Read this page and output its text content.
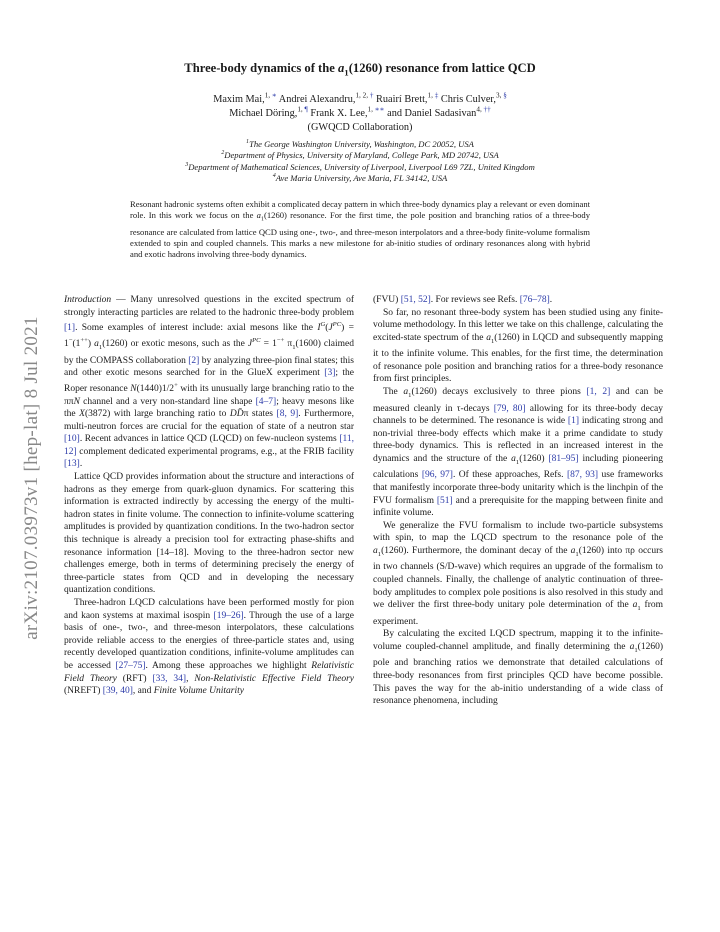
arXiv:2107.03973v1 [hep-lat] 8 Jul 2021
Three-body dynamics of the $a_1(1260)$ resonance from lattice QCD
Maxim Mai,$^{1, ∗}$ Andrei Alexandru,$^{1, 2, \dagger}$ Ruairí Brett,$^{1, \ddagger}$ Chris Culver,$^{3, \S}$
Michael Döring,$^{1, \P}$ Frank X. Lee,$^{1, ∗∗}$ and Daniel Sadasivan$^{4, \dagger\dagger}$
(GWQCD Collaboration)
$^1$The George Washington University, Washington, DC 20052, USA
$^2$Department of Physics, University of Maryland, College Park, MD 20742, USA
$^3$Department of Mathematical Sciences, University of Liverpool, Liverpool L69 7ZL, United Kingdom
$^4$Ave Maria University, Ave Maria, FL 34142, USA
Resonant hadronic systems often exhibit a complicated decay pattern in which three-body dynamics play a relevant or even dominant role. In this work we focus on the $a_1(1260)$ resonance. For the first time, the pole position and branching ratios of a three-body resonance are calculated from lattice QCD using one-, two-, and three-meson interpolators and a three-body finite-volume formalism extended to spin and coupled channels. This marks a new milestone for ab-initio studies of ordinary resonances along with hybrid and exotic hadrons involving three-body dynamics.

Introduction — Many unresolved questions in the excited spectrum of strongly interacting particles are related to the hadronic three-body problem [1]. Some examples of interest include: axial mesons like the $I^G(J^{PC}) = 1^-(1^{++})$ $a_1(1260)$ or exotic mesons, such as the $J^{PC} = 1^{-+}$ $\pi_1(1600)$ claimed by the COMPASS collaboration [2] by analyzing three-pion final states; this and other exotic mesons searched for in the GlueX experiment [3]; the Roper resonance N(1440)1/2+ with its unusually large branching ratio to the ππN channel and a very non-standard line shape [4–7]; heavy mesons like the X(3872) with large branching ratio to DD̄π states [8, 9]. Furthermore, multi-neutron forces are crucial for the equation of state of a neutron star [10]. Recent advances in lattice QCD (LQCD) on few-nucleon systems [11, 12] complement dedicated experimental programs, e.g., at the FRIB facility [13].

Lattice QCD provides information about the structure and interactions of hadrons as they emerge from quark-gluon dynamics. For scattering this information is extracted indirectly by accessing the energy of the multi-hadron states in finite volume. The connection to infinite-volume scattering amplitudes is provided by quantization conditions. In the two-hadron sector this technique is already a precision tool for extracting phase-shifts and resonance information [14–18]. Moving to the three-hadron sector new challenges emerge, both in terms of determining precisely the energy of three-particle states from QCD and in developing the necessary quantization conditions.

Three-hadron LQCD calculations have been performed mostly for pion and kaon systems at maximal isospin [19–26]. Through the use of a large basis of one-, two-, and three-meson interpolators, these calculations provide reliable access to the energies of three-particle states and, using recently developed quantization conditions, infinite-volume amplitudes can be accessed [27–75]. Among these approaches we highlight Relativistic Field Theory (RFT) [33, 34], Non-Relativistic Effective Field Theory (NREFT) [39, 40], and Finite Volume Unitarity

(FVU) [51, 52]. For reviews see Refs. [76–78].

So far, no resonant three-body system has been studied using any finite-volume methodology. In this letter we take on this challenge, calculating the excited-state spectrum of the $a_1(1260)$ in LQCD and subsequently mapping it to the infinite volume. This enables, for the first time, the determination of resonance pole position and branching ratios for a three-body resonance from first principles.

The $a_1(1260)$ decays exclusively to three pions [1, 2] and can be measured cleanly in τ-decays [79, 80] allowing for its three-body decay channels to be determined. The resonance is wide [1] indicating strong and non-trivial three-body effects which make it a prime candidate to study three-body dynamics. This is reflected in an increased interest in the dynamics and the structure of the $a_1(1260)$ [81–95] including pioneering calculations [96, 97]. Of these approaches, Refs. [87, 93] use frameworks that manifestly incorporate three-body unitarity which is the linchpin of the FVU formalism [51] and a prerequisite for the mapping between finite and infinite volume.

We generalize the FVU formalism to include two-particle subsystems with spin, to map the LQCD spectrum to the resonance pole of the $a_1(1260)$. Furthermore, the dominant decay of the $a_1(1260)$ into πρ occurs in two channels (S/D-wave) which requires an upgrade of the formalism to coupled channels. Finally, the challenge of analytic continuation of three-body amplitudes to complex pole positions is also resolved in this study and we deliver the first three-body unitary pole determination of the $a_1$ from experiment.

By calculating the excited LQCD spectrum, mapping it to the infinite-volume coupled-channel amplitude, and finally determining the $a_1(1260)$ pole and branching ratios we demonstrate that detailed calculations of three-body resonances from first principles QCD have become possible. This paves the way for the ab-initio understanding of a wide class of resonance phenomena, including
